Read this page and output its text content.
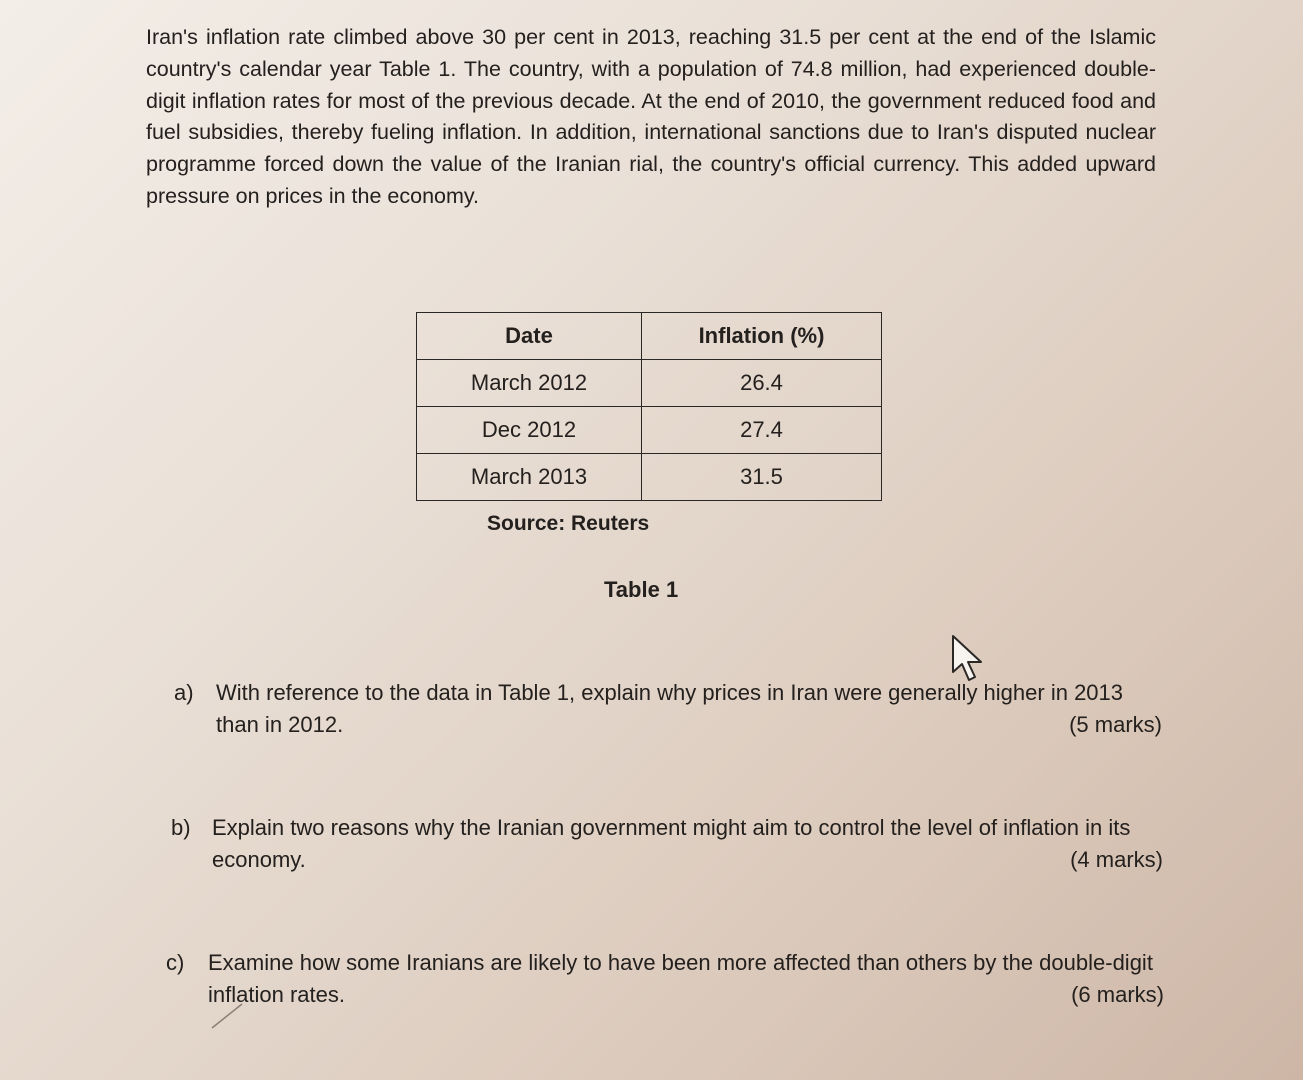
Iran's inflation rate climbed above 30 per cent in 2013, reaching 31.5 per cent at the end of the Islamic country's calendar year Table 1. The country, with a population of 74.8 million, had experienced double-digit inflation rates for most of the previous decade. At the end of 2010, the government reduced food and fuel subsidies, thereby fueling inflation. In addition, international sanctions due to Iran's disputed nuclear programme forced down the value of the Iranian rial, the country's official currency. This added upward pressure on prices in the economy.

Date	Inflation (%)
March 2012	26.4
Dec 2012	27.4
March 2013	31.5
Source: Reuters
Table 1
a) With reference to the data in Table 1, explain why prices in Iran were generally higher in 2013 than in 2012.	(5 marks)
b) Explain two reasons why the Iranian government might aim to control the level of inflation in its economy.	(4 marks)
c) Examine how some Iranians are likely to have been more affected than others by the double-digit inflation rates.	(6 marks)
